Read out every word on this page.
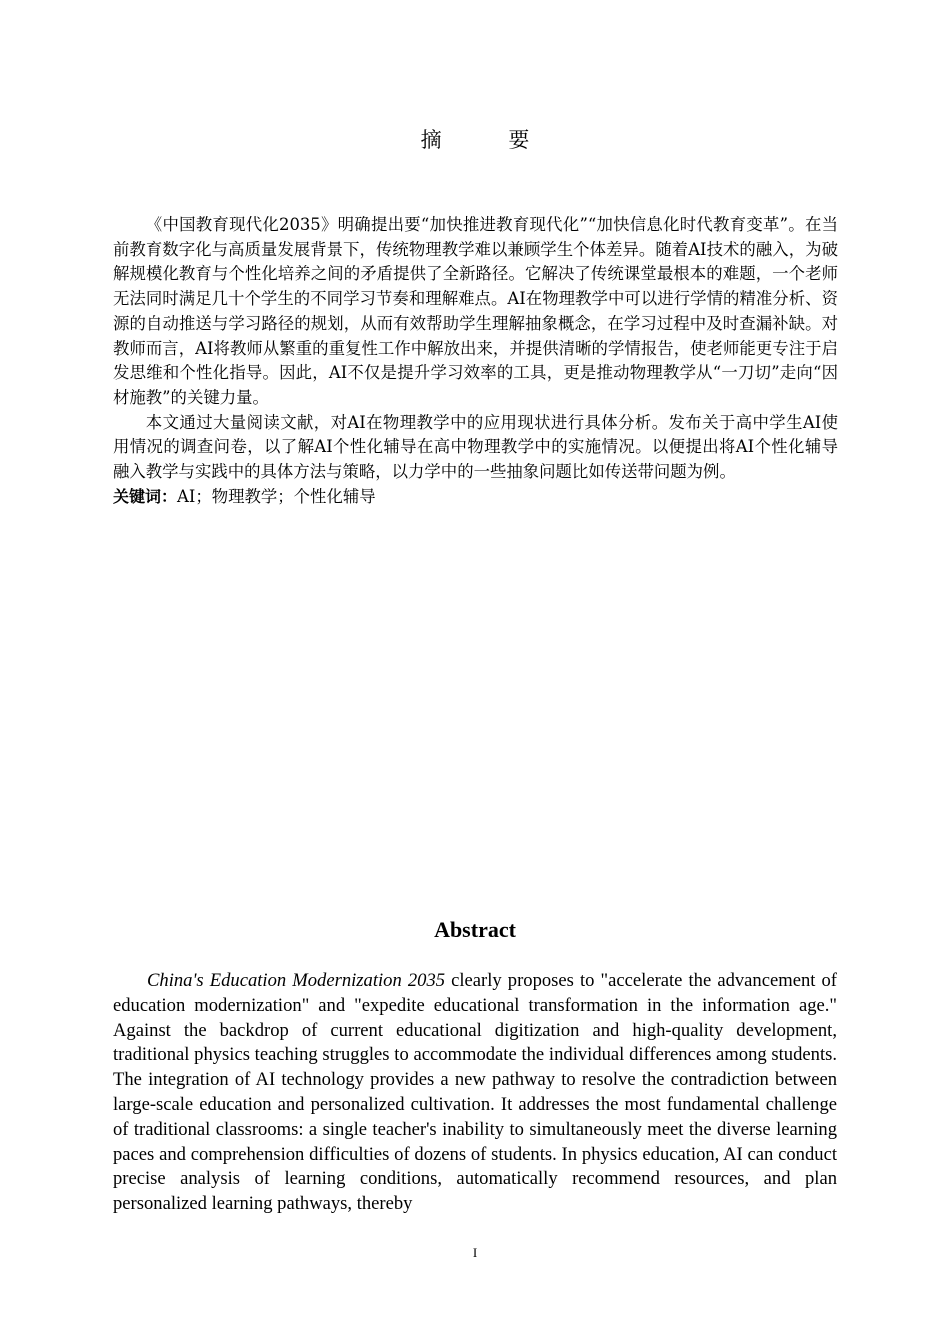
摘 要

《中国教育现代化2035》明确提出要“加快推进教育现代化”“加快信息化时代教育变革”。在当前教育数字化与高质量发展背景下，传统物理教学难以兼顾学生个体差异。随着AI技术的融入，为破解规模化教育与个性化培养之间的矛盾提供了全新路径。它解决了传统课堂最根本的难题，一个老师无法同时满足几十个学生的不同学习节奏和理解难点。AI在物理教学中可以进行学情的精准分析、资源的自动推送与学习路径的规划，从而有效帮助学生理解抽象概念，在学习过程中及时查漏补缺。对教师而言，AI将教师从繁重的重复性工作中解放出来，并提供清晰的学情报告，使老师能更专注于启发思维和个性化指导。因此，AI不仅是提升学习效率的工具，更是推动物理教学从“一刀切”走向“因材施教”的关键力量。

本文通过大量阅读文献，对AI在物理教学中的应用现状进行具体分析。发布关于高中学生AI使用情况的调查问卷，以了解AI个性化辅导在高中物理教学中的实施情况。以便提出将AI个性化辅导融入教学与实践中的具体方法与策略，以力学中的一些抽象问题比如传送带问题为例。

关键词：AI；物理教学；个性化辅导

Abstract

China's Education Modernization 2035 clearly proposes to "accelerate the advancement of education modernization" and "expedite educational transformation in the information age." Against the backdrop of current educational digitization and high-quality development, traditional physics teaching struggles to accommodate the individual differences among students. The integration of AI technology provides a new pathway to resolve the contradiction between large-scale education and personalized cultivation. It addresses the most fundamental challenge of traditional classrooms: a single teacher's inability to simultaneously meet the diverse learning paces and comprehension difficulties of dozens of students. In physics education, AI can conduct precise analysis of learning conditions, automatically recommend resources, and plan personalized learning pathways, thereby

I
